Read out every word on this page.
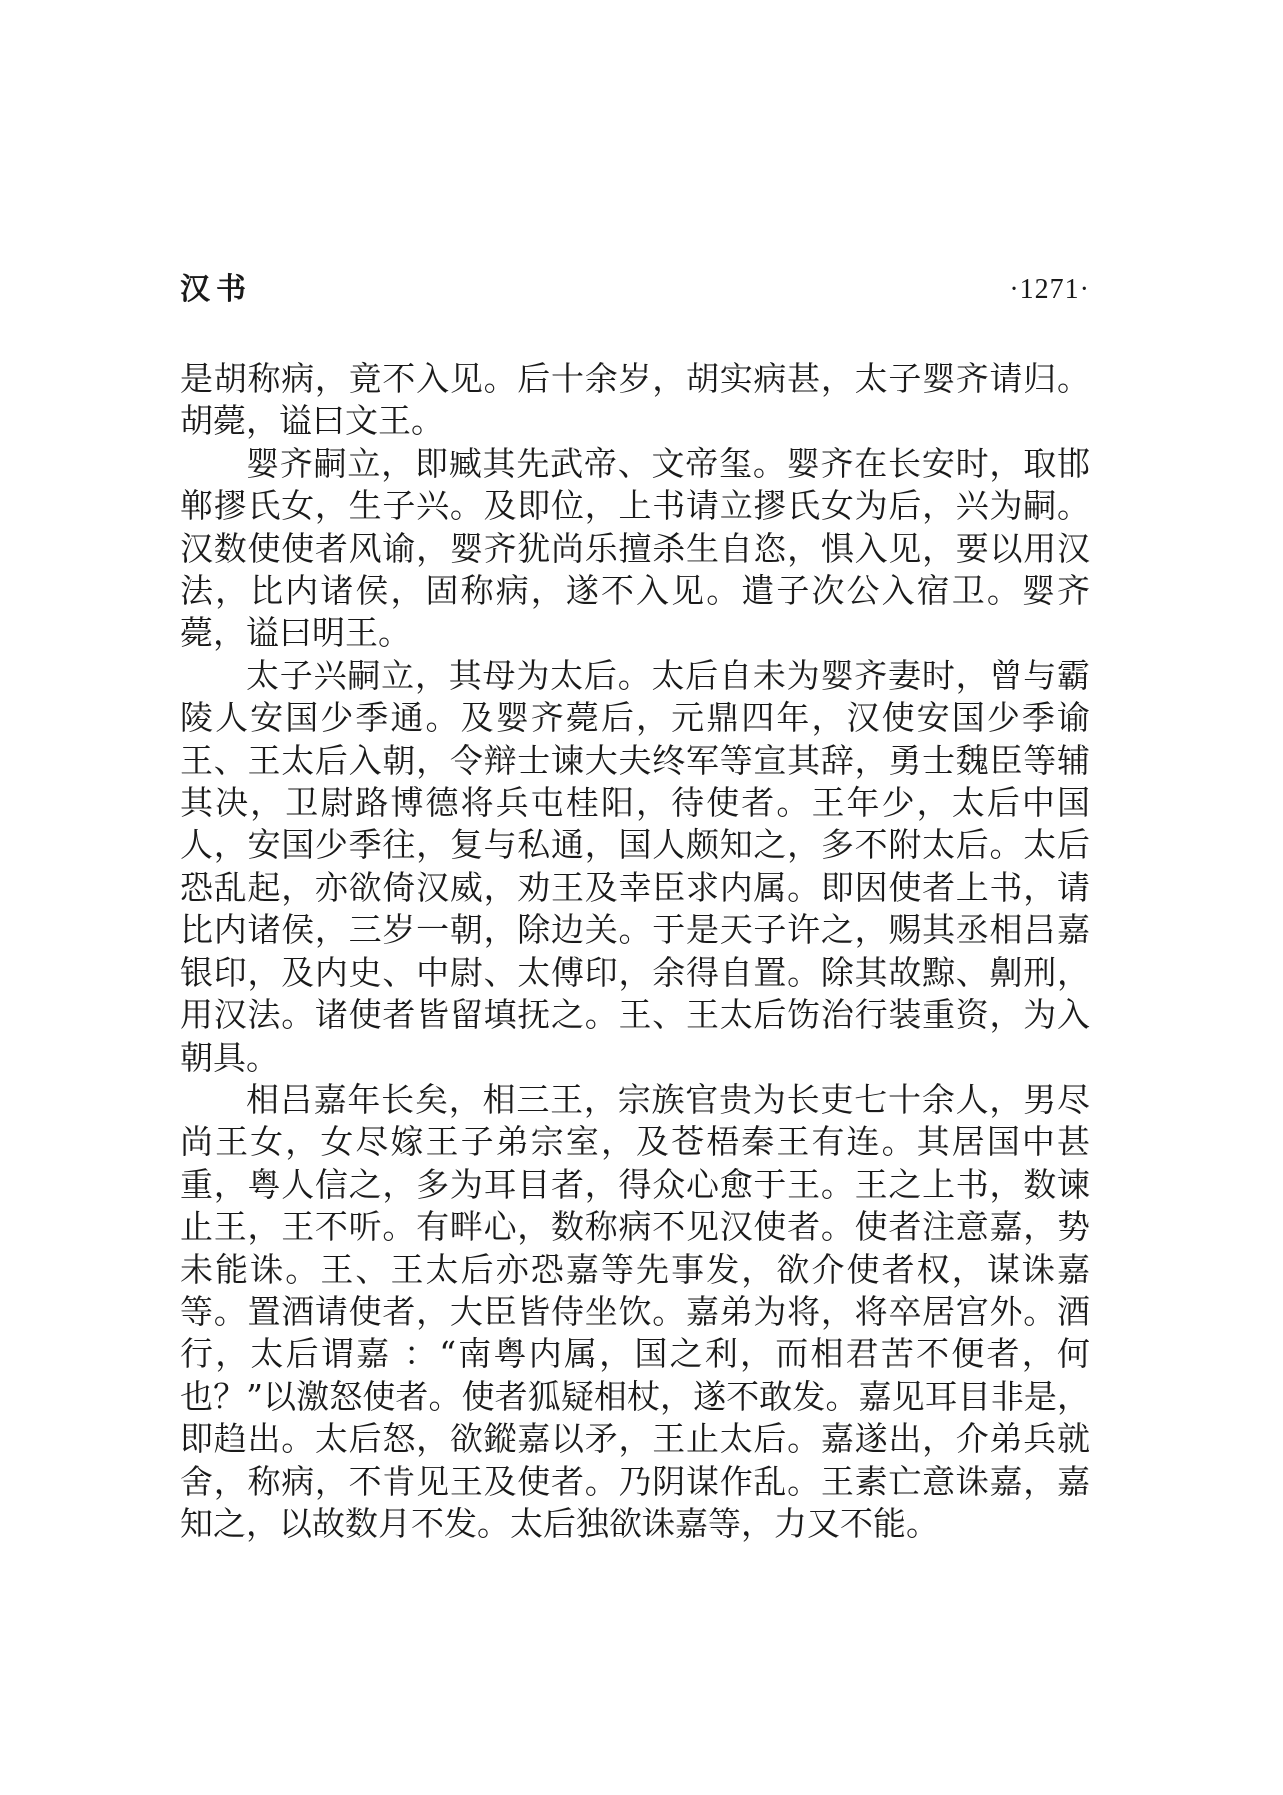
汉书	·1271·

是胡称病，竟不入见。后十余岁，胡实病甚，太子婴齐请归。胡薨，谥曰文王。

婴齐嗣立，即臧其先武帝、文帝玺。婴齐在长安时，取邯郸摎氏女，生子兴。及即位，上书请立摎氏女为后，兴为嗣。汉数使使者风谕，婴齐犹尚乐擅杀生自恣，惧入见，要以用汉法，比内诸侯，固称病，遂不入见。遣子次公入宿卫。婴齐薨，谥曰明王。

太子兴嗣立，其母为太后。太后自未为婴齐妻时，曾与霸陵人安国少季通。及婴齐薨后，元鼎四年，汉使安国少季谕王、王太后入朝，令辩士谏大夫终军等宣其辞，勇士魏臣等辅其决，卫尉路博德将兵屯桂阳，待使者。王年少，太后中国人，安国少季往，复与私通，国人颇知之，多不附太后。太后恐乱起，亦欲倚汉威，劝王及幸臣求内属。即因使者上书，请比内诸侯，三岁一朝，除边关。于是天子许之，赐其丞相吕嘉银印，及内史、中尉、太傅印，余得自置。除其故黥、劓刑，用汉法。诸使者皆留填抚之。王、王太后饬治行装重资，为入朝具。

相吕嘉年长矣，相三王，宗族官贵为长吏七十余人，男尽尚王女，女尽嫁王子弟宗室，及苍梧秦王有连。其居国中甚重，粤人信之，多为耳目者，得众心愈于王。王之上书，数谏止王，王不听。有畔心，数称病不见汉使者。使者注意嘉，势未能诛。王、王太后亦恐嘉等先事发，欲介使者权，谋诛嘉等。置酒请使者，大臣皆侍坐饮。嘉弟为将，将卒居宫外。酒行，太后谓嘉 ：“南粤内属，国之利，而相君苦不便者，何也？”以激怒使者。使者狐疑相杖，遂不敢发。嘉见耳目非是，即趋出。太后怒，欲鏦嘉以矛，王止太后。嘉遂出，介弟兵就舍，称病，不肯见王及使者。乃阴谋作乱。王素亡意诛嘉，嘉知之，以故数月不发。太后独欲诛嘉等，力又不能。
